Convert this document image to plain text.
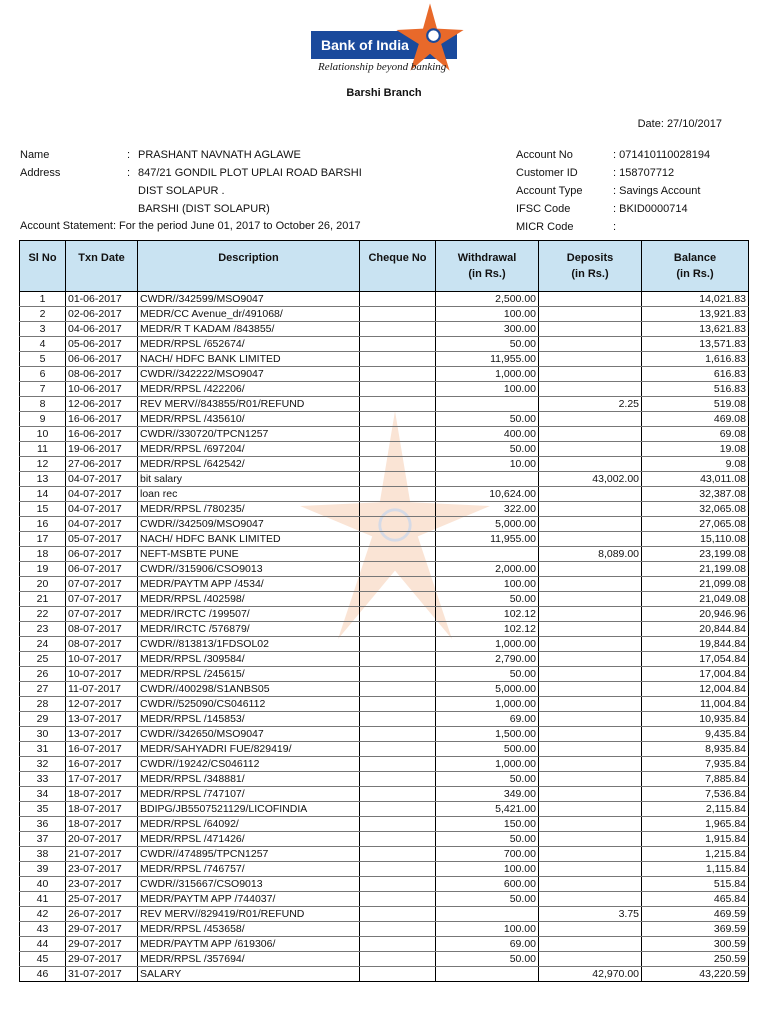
Bank of India
Relationship beyond banking
Barshi Branch
Date: 27/10/2017
Name	: PRASHANT NAVNATH AGLAWE
Address	: 847/21 GONDIL PLOT UPLAI ROAD BARSHI
DIST SOLAPUR .
BARSHI (DIST SOLAPUR)
Account No	: 071410110028194
Customer ID	: 158707712
Account Type	: Savings Account
IFSC Code	: BKID0000714
MICR Code	:
Account Statement: For the period June 01, 2017 to October 26, 2017
Sl No	Txn Date	Description	Cheque No	Withdrawal
(in Rs.)	Deposits
(in Rs.)	Balance
(in Rs.)
1	01-06-2017	CWDR//342599/MSO9047		2,500.00		14,021.83
2	02-06-2017	MEDR/CC Avenue_dr/491068/		100.00		13,921.83
3	04-06-2017	MEDR/R T KADAM /843855/		300.00		13,621.83
4	05-06-2017	MEDR/RPSL /652674/		50.00		13,571.83
5	06-06-2017	NACH/ HDFC BANK LIMITED		11,955.00		1,616.83
6	08-06-2017	CWDR//342222/MSO9047		1,000.00		616.83
7	10-06-2017	MEDR/RPSL /422206/		100.00		516.83
8	12-06-2017	REV MERV//843855/R01/REFUND			2.25	519.08
9	16-06-2017	MEDR/RPSL /435610/		50.00		469.08
10	16-06-2017	CWDR//330720/TPCN1257		400.00		69.08
11	19-06-2017	MEDR/RPSL /697204/		50.00		19.08
12	27-06-2017	MEDR/RPSL /642542/		10.00		9.08
13	04-07-2017	bit salary			43,002.00	43,011.08
14	04-07-2017	loan rec		10,624.00		32,387.08
15	04-07-2017	MEDR/RPSL /780235/		322.00		32,065.08
16	04-07-2017	CWDR//342509/MSO9047		5,000.00		27,065.08
17	05-07-2017	NACH/ HDFC BANK LIMITED		11,955.00		15,110.08
18	06-07-2017	NEFT-MSBTE PUNE			8,089.00	23,199.08
19	06-07-2017	CWDR//315906/CSO9013		2,000.00		21,199.08
20	07-07-2017	MEDR/PAYTM APP /4534/		100.00		21,099.08
21	07-07-2017	MEDR/RPSL /402598/		50.00		21,049.08
22	07-07-2017	MEDR/IRCTC /199507/		102.12		20,946.96
23	08-07-2017	MEDR/IRCTC /576879/		102.12		20,844.84
24	08-07-2017	CWDR//813813/1FDSOL02		1,000.00		19,844.84
25	10-07-2017	MEDR/RPSL /309584/		2,790.00		17,054.84
26	10-07-2017	MEDR/RPSL /245615/		50.00		17,004.84
27	11-07-2017	CWDR//400298/S1ANBS05		5,000.00		12,004.84
28	12-07-2017	CWDR//525090/CS046112		1,000.00		11,004.84
29	13-07-2017	MEDR/RPSL /145853/		69.00		10,935.84
30	13-07-2017	CWDR//342650/MSO9047		1,500.00		9,435.84
31	16-07-2017	MEDR/SAHYADRI FUE/829419/		500.00		8,935.84
32	16-07-2017	CWDR//19242/CS046112		1,000.00		7,935.84
33	17-07-2017	MEDR/RPSL /348881/		50.00		7,885.84
34	18-07-2017	MEDR/RPSL /747107/		349.00		7,536.84
35	18-07-2017	BDIPG/JB5507521129/LICOFINDIA		5,421.00		2,115.84
36	18-07-2017	MEDR/RPSL /64092/		150.00		1,965.84
37	20-07-2017	MEDR/RPSL /471426/		50.00		1,915.84
38	21-07-2017	CWDR//474895/TPCN1257		700.00		1,215.84
39	23-07-2017	MEDR/RPSL /746757/		100.00		1,115.84
40	23-07-2017	CWDR//315667/CSO9013		600.00		515.84
41	25-07-2017	MEDR/PAYTM APP /744037/		50.00		465.84
42	26-07-2017	REV MERV//829419/R01/REFUND			3.75	469.59
43	29-07-2017	MEDR/RPSL /453658/		100.00		369.59
44	29-07-2017	MEDR/PAYTM APP /619306/		69.00		300.59
45	29-07-2017	MEDR/RPSL /357694/		50.00		250.59
46	31-07-2017	SALARY			42,970.00	43,220.59
